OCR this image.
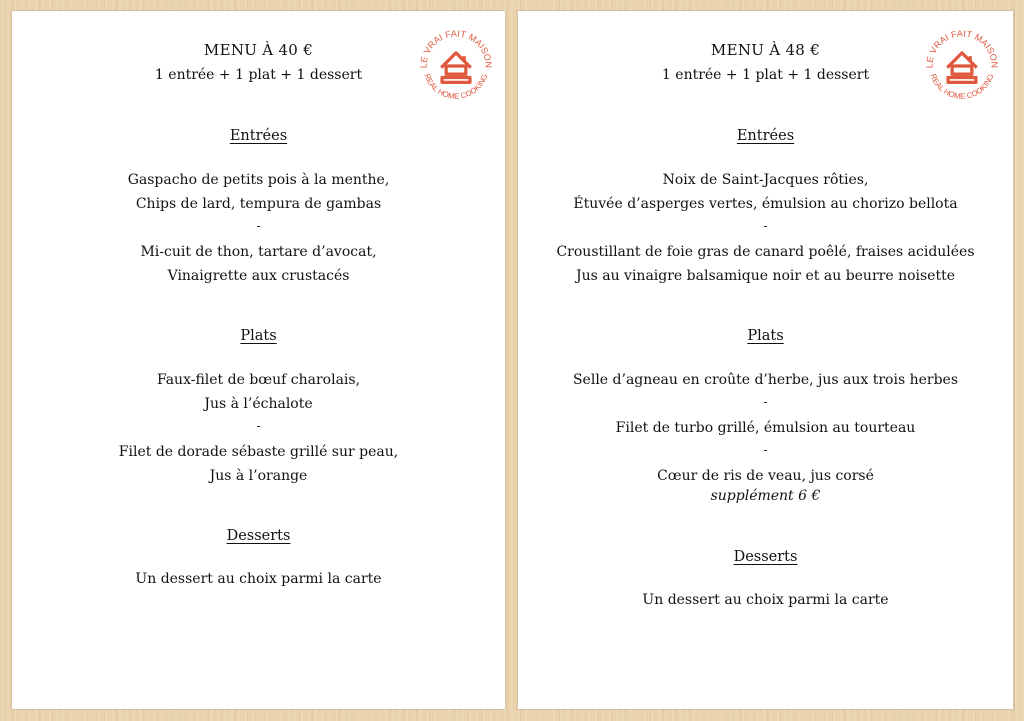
LE VRAI FAIT MAISON
REAL HOME COOKING
MENU À 40 €
1 entrée + 1 plat + 1 dessert
Entrées
Gaspacho de petits pois à la menthe,
Chips de lard, tempura de gambas
-
Mi-cuit de thon, tartare d’avocat,
Vinaigrette aux crustacés
Plats
Faux-filet de bœuf charolais,
Jus à l’échalote
-
Filet de dorade sébaste grillé sur peau,
Jus à l’orange
Desserts
Un dessert au choix parmi la carte
LE VRAI FAIT MAISON
REAL HOME COOKING
MENU À 48 €
1 entrée + 1 plat + 1 dessert
Entrées
Noix de Saint-Jacques rôties,
Étuvée d’asperges vertes, émulsion au chorizo bellota
-
Croustillant de foie gras de canard poêlé, fraises acidulées
Jus au vinaigre balsamique noir et au beurre noisette
Plats
Selle d’agneau en croûte d’herbe, jus aux trois herbes
-
Filet de turbo grillé, émulsion au tourteau
-
Cœur de ris de veau, jus corsé
supplément 6 €
Desserts
Un dessert au choix parmi la carte
